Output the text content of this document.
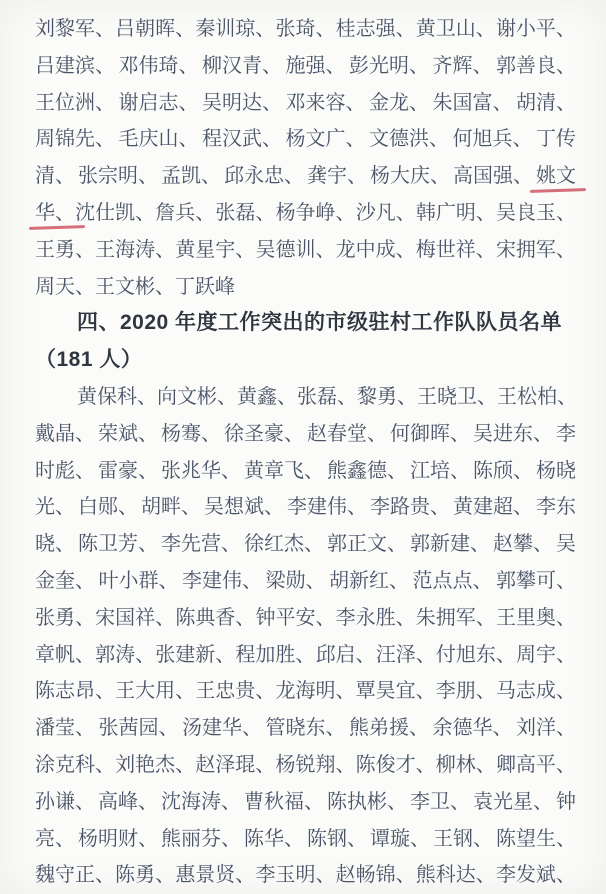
刘黎军、 吕朝晖、 秦训琼、 张琦、 桂志强、 黄卫山、 谢小平、
吕建滨、 邓伟琦、 柳汉青、 施强、 彭光明、 齐辉、 郭善良、
王位洲、 谢启志、 吴明达、 邓来容、 金龙、 朱国富、 胡清、
周锦先、 毛庆山、 程汉武、 杨文广、 文德洪、 何旭兵、 丁传
清、 张宗明、 孟凯、 邱永忠、 龚宇、 杨大庆、 高国强、 姚文
华、 沈仕凯、 詹兵、 张磊、 杨争峥、 沙凡、 韩广明、 吴良玉、
王勇、 王海涛、 黄星宇、 吴德训、 龙中成、 梅世祥、 宋拥军、
周天、 王文彬、 丁跃峰
四、2020 年度工作突出的市级驻村工作队队员名单
（181 人）
黄保科、 向文彬、 黄鑫、 张磊、 黎勇、 王晓卫、 王松柏、
戴晶、 荣斌、 杨骞、 徐圣豪、 赵春堂、 何御晖、 吴进东、 李
时彪、 雷豪、 张兆华、 黄章飞、 熊鑫德、 江培、 陈颀、 杨晓
光、 白郧、 胡畔、 吴想斌、 李建伟、 李路贵、 黄建超、 李东
晓、 陈卫芳、 李先营、 徐红杰、 郭正文、 郭新建、 赵攀、 吴
金奎、 叶小群、 李建伟、 梁勋、 胡新红、 范点点、 郭攀可、
张勇、 宋国祥、 陈典香、 钟平安、 李永胜、 朱拥军、 王里奥、
章帆、 郭涛、 张建新、 程加胜、 邱启、 汪泽、 付旭东、 周宇、
陈志昂、 王大用、 王忠贵、 龙海明、 覃昊宜、 李朋、 马志成、
潘莹、 张茜园、 汤建华、 管晓东、 熊弟援、 余德华、 刘洋、
涂克科、 刘艳杰、 赵泽琨、 杨锐翔、 陈俊才、 柳林、 卿高平、
孙谦、 高峰、 沈海涛、 曹秋福、 陈执彬、 李卫、 袁光星、 钟
亮、 杨明财、 熊丽芬、 陈华、 陈钢、 谭璇、 王钢、 陈望生、
魏守正、 陈勇、 惠景贤、 李玉明、 赵畅锦、 熊科达、 李发斌、
